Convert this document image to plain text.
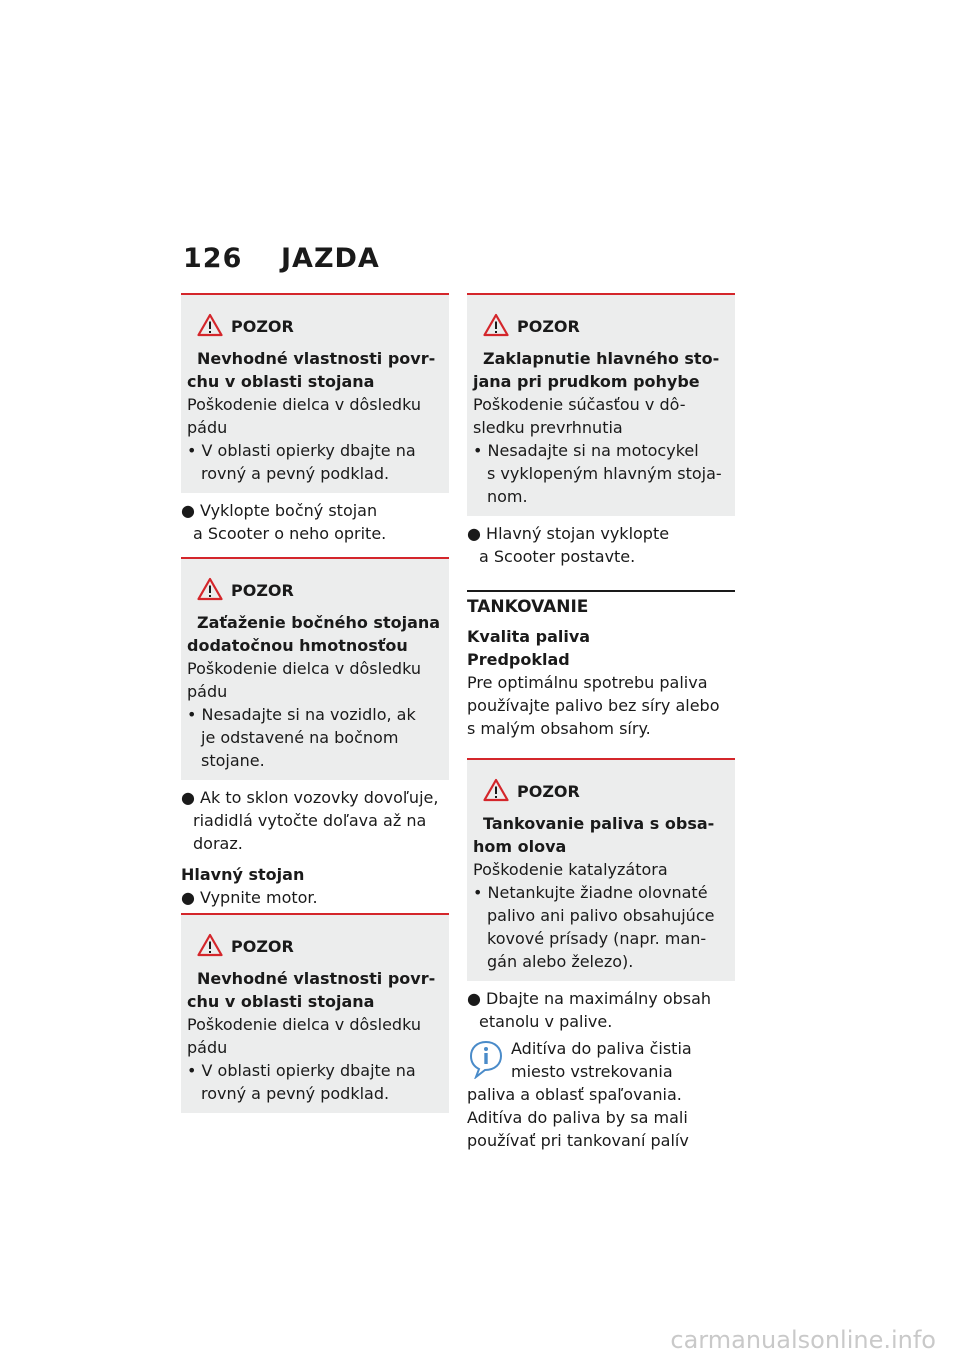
126 JAZDA
POZOR
Nevhodné vlastnosti povr-
chu v oblasti stojana
Poškodenie dielca v dôsledku
pádu
• V oblasti opierky dbajte na
rovný a pevný podklad.
● Vyklopte bočný stojan
a Scooter o neho oprite.
POZOR
Zaťaženie bočného stojana
dodatočnou hmotnosťou
Poškodenie dielca v dôsledku
pádu
• Nesadajte si na vozidlo, ak
je odstavené na bočnom
stojane.
● Ak to sklon vozovky dovoľuje,
riadidlá vytočte doľava až na
doraz.
Hlavný stojan
● Vypnite motor.
POZOR
Nevhodné vlastnosti povr-
chu v oblasti stojana
Poškodenie dielca v dôsledku
pádu
• V oblasti opierky dbajte na
rovný a pevný podklad.
POZOR
Zaklapnutie hlavného sto-
jana pri prudkom pohybe
Poškodenie súčasťou v dô-
sledku prevrhnutia
• Nesadajte si na motocykel
s vyklopeným hlavným stoja-
nom.
● Hlavný stojan vyklopte
a Scooter postavte.
TANKOVANIE
Kvalita paliva
Predpoklad
Pre optimálnu spotrebu paliva
používajte palivo bez síry alebo
s malým obsahom síry.
POZOR
Tankovanie paliva s obsa-
hom olova
Poškodenie katalyzátora
• Netankujte žiadne olovnaté
palivo ani palivo obsahujúce
kovové prísady (napr. man-
gán alebo železo).
● Dbajte na maximálny obsah
etanolu v palive.
Aditíva do paliva čistia
miesto vstrekovania
paliva a oblasť spaľovania.
Aditíva do paliva by sa mali
používať pri tankovaní palív
carmanualsonline.info
